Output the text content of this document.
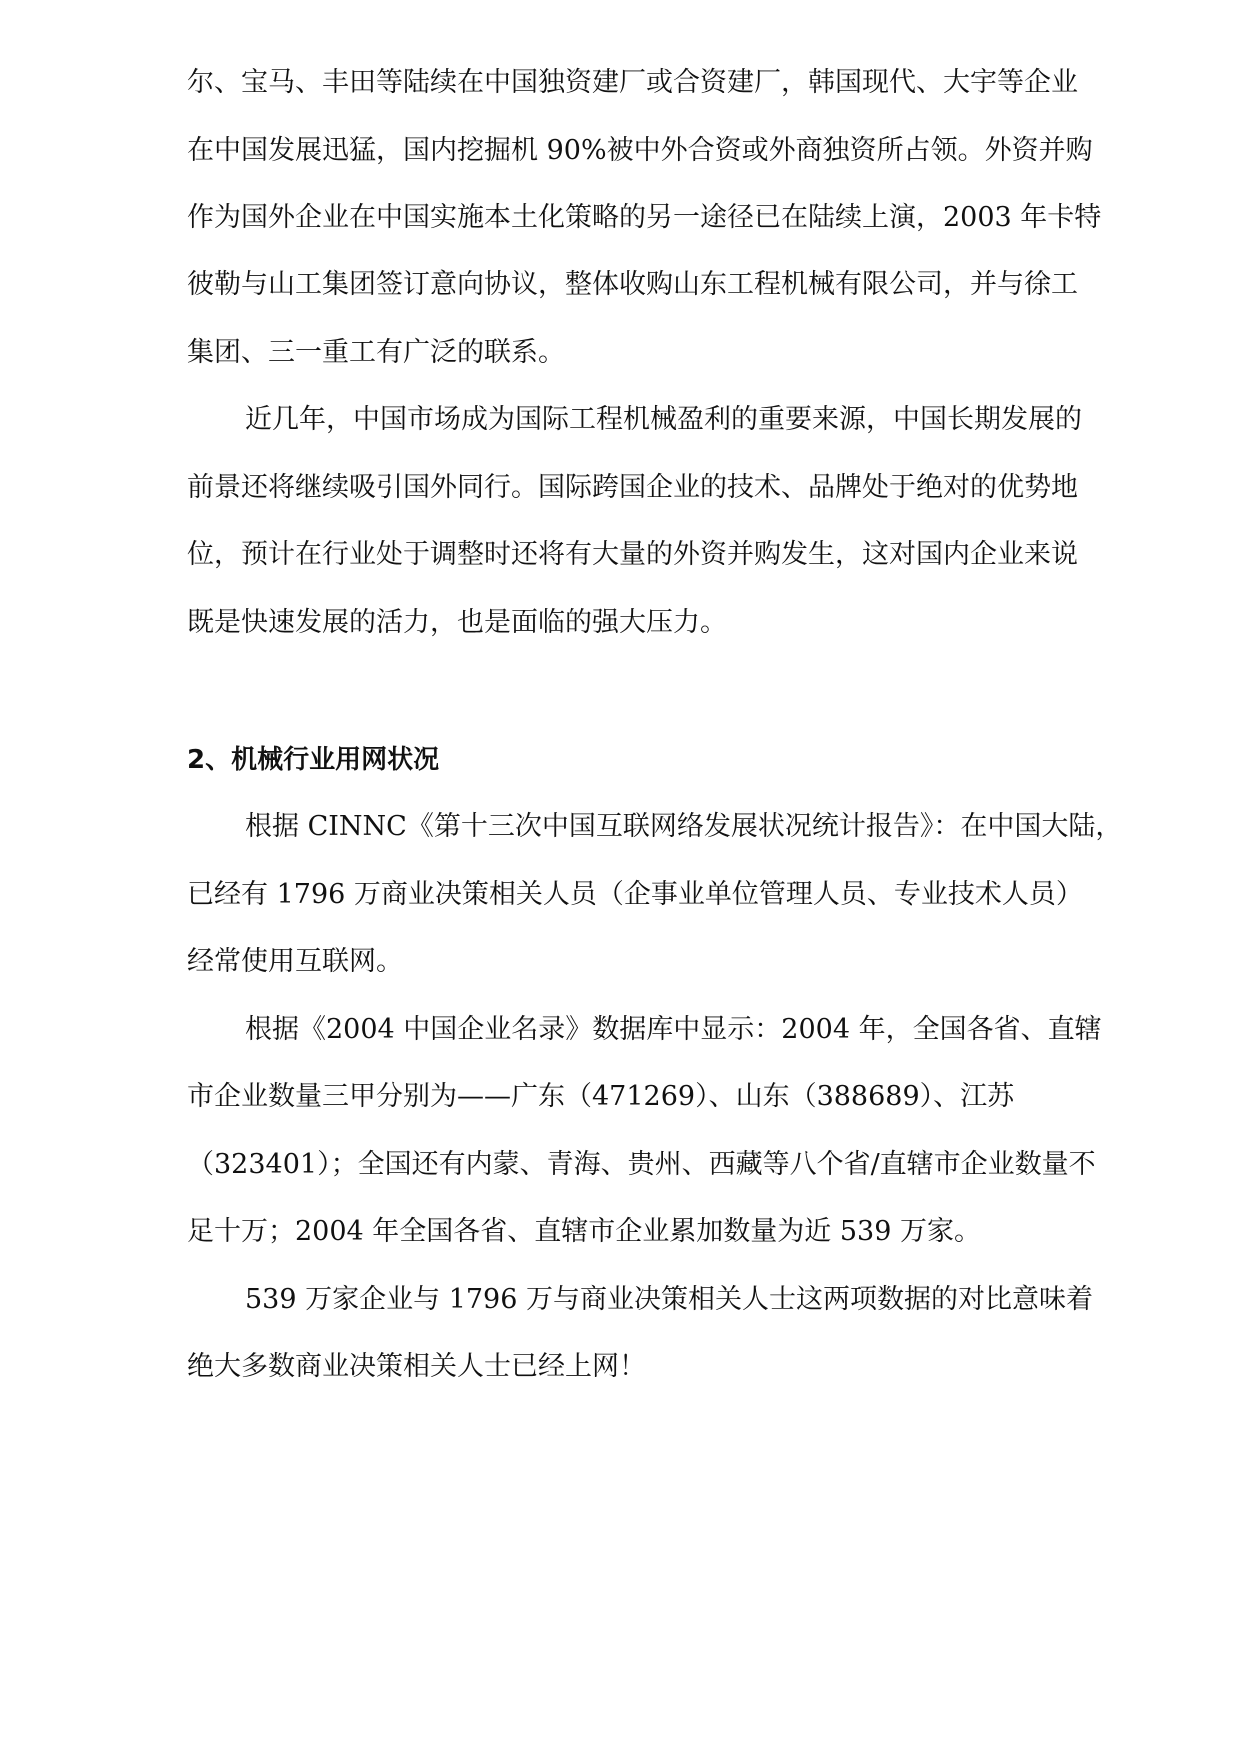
尔、宝马、丰田等陆续在中国独资建厂或合资建厂，韩国现代、大宇等企业
在中国发展迅猛，国内挖掘机 90%被中外合资或外商独资所占领。外资并购
作为国外企业在中国实施本土化策略的另一途径已在陆续上演，2003 年卡特
彼勒与山工集团签订意向协议，整体收购山东工程机械有限公司，并与徐工
集团、三一重工有广泛的联系。
近几年，中国市场成为国际工程机械盈利的重要来源，中国长期发展的
前景还将继续吸引国外同行。国际跨国企业的技术、品牌处于绝对的优势地
位，预计在行业处于调整时还将有大量的外资并购发生，这对国内企业来说
既是快速发展的活力，也是面临的强大压力。
2、机械行业用网状况
根据 CINNC《第十三次中国互联网络发展状况统计报告》：在中国大陆，
已经有 1796 万商业决策相关人员（企事业单位管理人员、专业技术人员）
经常使用互联网。
根据《2004 中国企业名录》数据库中显示：2004 年，全国各省、直辖
市企业数量三甲分别为——广东（471269）、山东（388689）、江苏
（323401）；全国还有内蒙、青海、贵州、西藏等八个省/直辖市企业数量不
足十万；2004 年全国各省、直辖市企业累加数量为近 539 万家。
539 万家企业与 1796 万与商业决策相关人士这两项数据的对比意味着
绝大多数商业决策相关人士已经上网！
